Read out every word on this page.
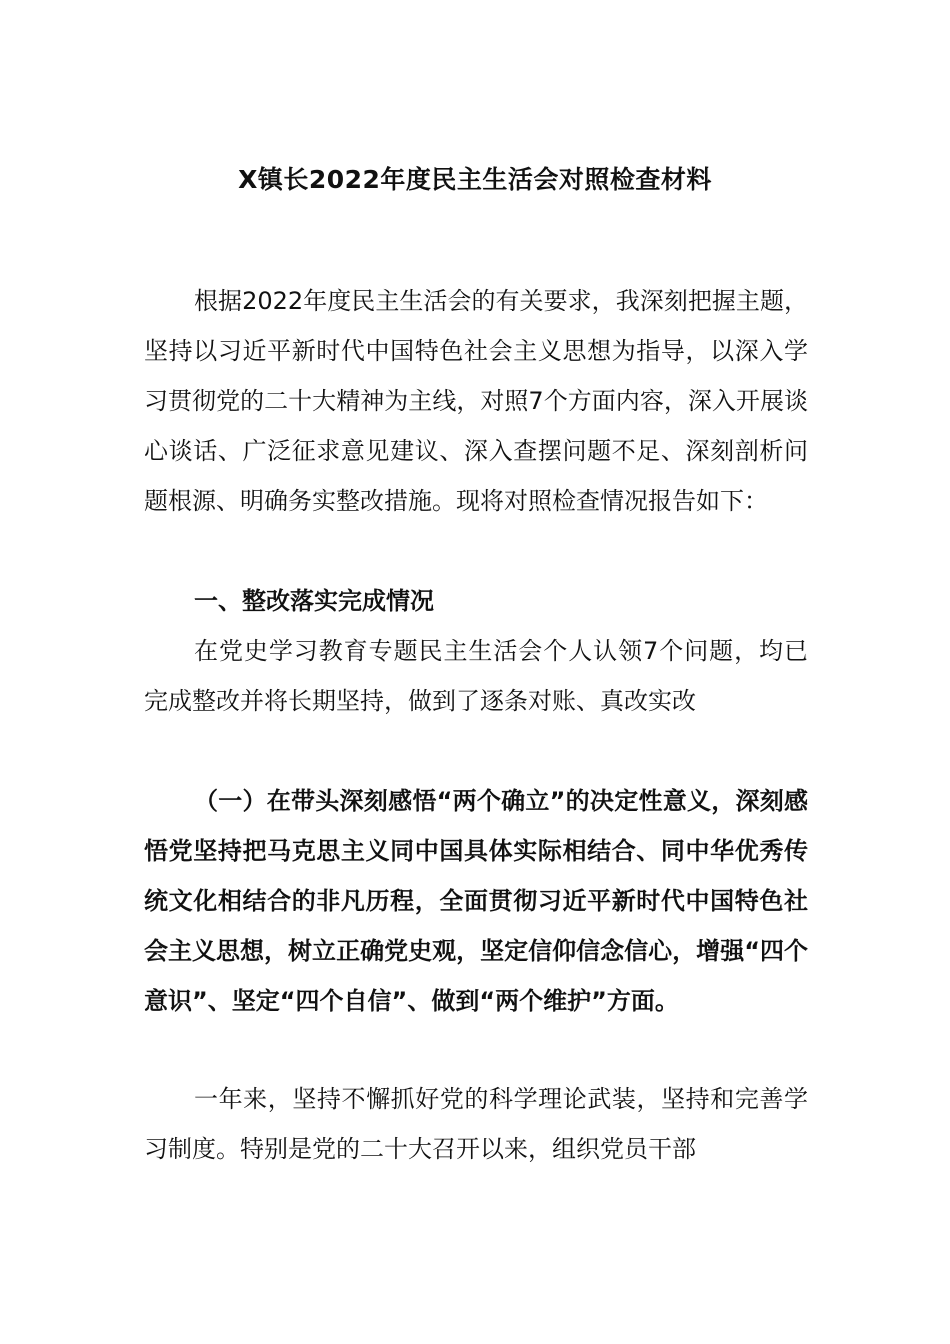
X镇长2022年度民主生活会对照检查材料
根据2022年度民主生活会的有关要求，我深刻把握主题，坚持以习近平新时代中国特色社会主义思想为指导，以深入学习贯彻党的二十大精神为主线，对照7个方面内容，深入开展谈心谈话、广泛征求意见建议、深入查摆问题不足、深刻剖析问题根源、明确务实整改措施。现将对照检查情况报告如下：
一、整改落实完成情况
在党史学习教育专题民主生活会个人认领7个问题，均已完成整改并将长期坚持，做到了逐条对账、真改实改
（一）在带头深刻感悟“两个确立”的决定性意义，深刻感悟党坚持把马克思主义同中国具体实际相结合、同中华优秀传统文化相结合的非凡历程，全面贯彻习近平新时代中国特色社会主义思想，树立正确党史观，坚定信仰信念信心，增强“四个意识”、坚定“四个自信”、做到“两个维护”方面。
一年来，坚持不懈抓好党的科学理论武装，坚持和完善学习制度。特别是党的二十大召开以来，组织党员干部
